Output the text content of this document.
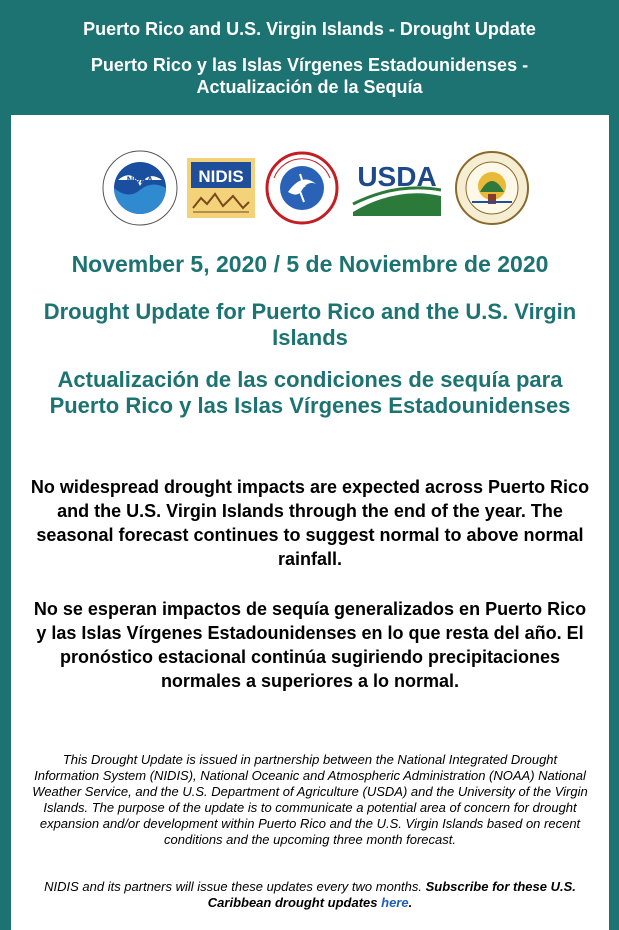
Puerto Rico and U.S. Virgin Islands - Drought Update
Puerto Rico y las Islas Vírgenes Estadounidenses - Actualización de la Sequía
NOAA	NIDIS	USDA
November 5, 2020 / 5 de Noviembre de 2020
Drought Update for Puerto Rico and the U.S. Virgin Islands
Actualización de las condiciones de sequía para Puerto Rico y las Islas Vírgenes Estadounidenses
No widespread drought impacts are expected across Puerto Rico and the U.S. Virgin Islands through the end of the year. The seasonal forecast continues to suggest normal to above normal rainfall.
No se esperan impactos de sequía generalizados en Puerto Rico y las Islas Vírgenes Estadounidenses en lo que resta del año. El pronóstico estacional continúa sugiriendo precipitaciones normales a superiores a lo normal.
This Drought Update is issued in partnership between the National Integrated Drought Information System (NIDIS), National Oceanic and Atmospheric Administration (NOAA) National Weather Service, and the U.S. Department of Agriculture (USDA) and the University of the Virgin Islands. The purpose of the update is to communicate a potential area of concern for drought expansion and/or development within Puerto Rico and the U.S. Virgin Islands based on recent conditions and the upcoming three month forecast.
NIDIS and its partners will issue these updates every two months. Subscribe for these U.S. Caribbean drought updates here.
